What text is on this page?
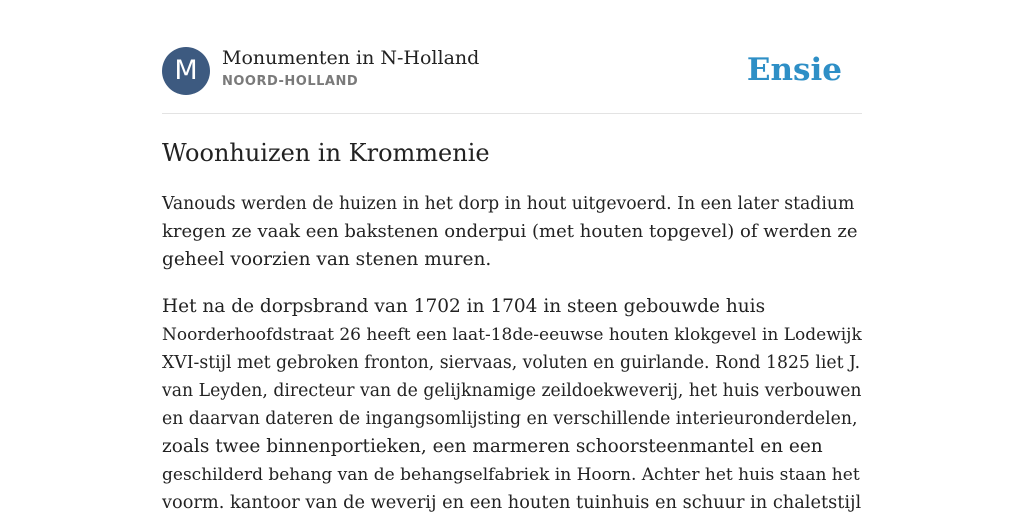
M	Monumenten in N-Holland
NOORD-HOLLAND	Ensie
Woonhuizen in Krommenie

Vanouds werden de huizen in het dorp in hout uitgevoerd. In een later stadium
kregen ze vaak een bakstenen onderpui (met houten topgevel) of werden ze
geheel voorzien van stenen muren.

Het na de dorpsbrand van 1702 in 1704 in steen gebouwde huis
Noorderhoofdstraat 26 heeft een laat-18de-eeuwse houten klokgevel in Lodewijk
XVI-stijl met gebroken fronton, siervaas, voluten en guirlande. Rond 1825 liet J.
van Leyden, directeur van de gelijknamige zeildoekweverij, het huis verbouwen
en daarvan dateren de ingangsomlijsting en verschillende interieuronderdelen,
zoals twee binnenportieken, een marmeren schoorsteenmantel en een
geschilderd behang van de behangselfabriek in Hoorn. Achter het huis staan het
voorm. kantoor van de weverij en een houten tuinhuis en schuur in chaletstijl
